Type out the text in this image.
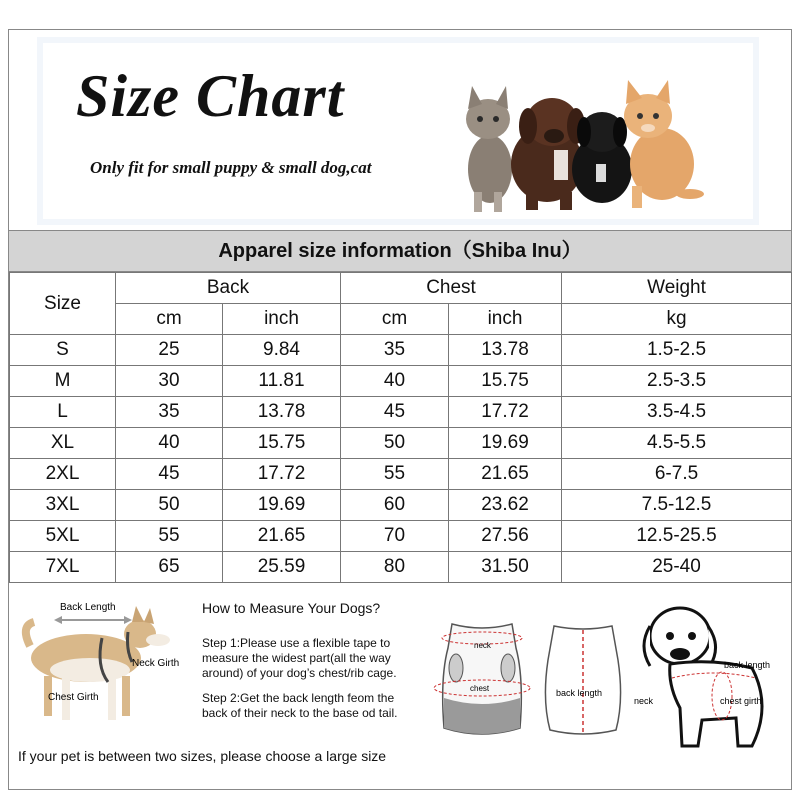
Size Chart
Only fit for small puppy & small dog,cat
Apparel size information（Shiba Inu）
Size	Back		Chest		Weight
	cm	inch	cm	inch	kg
S	25	9.84	35	13.78	1.5-2.5
M	30	11.81	40	15.75	2.5-3.5
L	35	13.78	45	17.72	3.5-4.5
XL	40	15.75	50	19.69	4.5-5.5
2XL	45	17.72	55	21.65	6-7.5
3XL	50	19.69	60	23.62	7.5-12.5
5XL	55	21.65	70	27.56	12.5-25.5
7XL	65	25.59	80	31.50	25-40
Back Length
Neck Girth
Chest Girth
How to Measure Your Dogs?
Step 1:Please use a flexible tape to measure the widest part(all the way around) of your dog’s chest/rib cage.
Step 2:Get the back length feom the back of their neck to the base od tail.
neck
chest	back length
back length
chest girth
neck
If your pet is between two sizes, please choose a large size
